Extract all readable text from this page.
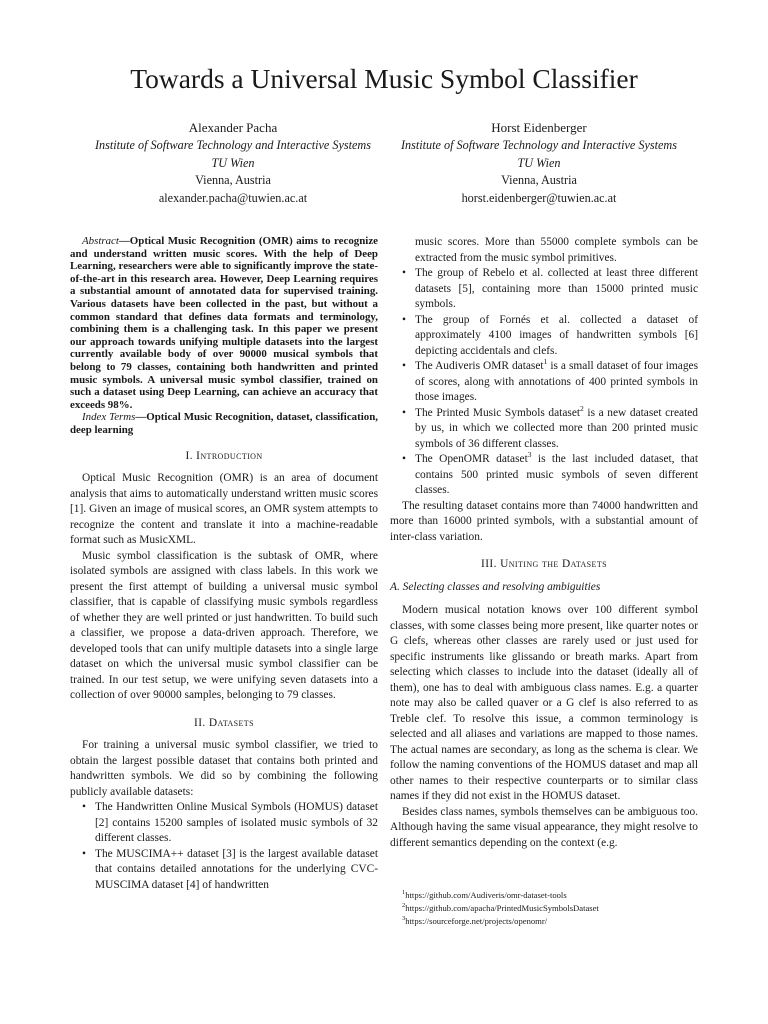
Towards a Universal Music Symbol Classifier
Alexander Pacha
Institute of Software Technology and Interactive Systems
TU Wien
Vienna, Austria
alexander.pacha@tuwien.ac.at
Horst Eidenberger
Institute of Software Technology and Interactive Systems
TU Wien
Vienna, Austria
horst.eidenberger@tuwien.ac.at

Abstract—Optical Music Recognition (OMR) aims to recognize and understand written music scores. With the help of Deep Learning, researchers were able to significantly improve the state-of-the-art in this research area. However, Deep Learning requires a substantial amount of annotated data for supervised training. Various datasets have been collected in the past, but without a common standard that defines data formats and terminology, combining them is a challenging task. In this paper we present our approach towards unifying multiple datasets into the largest currently available body of over 90000 musical symbols that belong to 79 classes, containing both handwritten and printed music symbols. A universal music symbol classifier, trained on such a dataset using Deep Learning, can achieve an accuracy that exceeds 98%.

Index Terms—Optical Music Recognition, dataset, classification, deep learning

I. Introduction

Optical Music Recognition (OMR) is an area of document analysis that aims to automatically understand written music scores [1]. Given an image of musical scores, an OMR system attempts to recognize the content and translate it into a machine-readable format such as MusicXML.

Music symbol classification is the subtask of OMR, where isolated symbols are assigned with class labels. In this work we present the first attempt of building a universal music symbol classifier, that is capable of classifying music symbols regardless of whether they are well printed or just handwritten. To build such a classifier, we propose a data-driven approach. Therefore, we developed tools that can unify multiple datasets into a single large dataset on which the universal music symbol classifier can be trained. In our test setup, we were unifying seven datasets into a collection of over 90000 samples, belonging to 79 classes.

II. Datasets

For training a universal music symbol classifier, we tried to obtain the largest possible dataset that contains both printed and handwritten symbols. We did so by combining the following publicly available datasets:

• The Handwritten Online Musical Symbols (HOMUS) dataset [2] contains 15200 samples of isolated music symbols of 32 different classes.
• The MUSCIMA++ dataset [3] is the largest available dataset that contains detailed annotations for the underlying CVC-MUSCIMA dataset [4] of handwritten
music scores. More than 55000 complete symbols can be extracted from the music symbol primitives.
• The group of Rebelo et al. collected at least three different datasets [5], containing more than 15000 printed music symbols.
• The group of Fornés et al. collected a dataset of approximately 4100 images of handwritten symbols [6] depicting accidentals and clefs.
• The Audiveris OMR dataset$^1$ is a small dataset of four images of scores, along with annotations of 400 printed symbols in those images.
• The Printed Music Symbols dataset$^2$ is a new dataset created by us, in which we collected more than 200 printed music symbols of 36 different classes.
• The OpenOMR dataset$^3$ is the last included dataset, that contains 500 printed music symbols of seven different classes.

The resulting dataset contains more than 74000 handwritten and more than 16000 printed symbols, with a substantial amount of inter-class variation.

III. Uniting the Datasets
A. Selecting classes and resolving ambiguities

Modern musical notation knows over 100 different symbol classes, with some classes being more present, like quarter notes or G clefs, whereas other classes are rarely used or just used for specific instruments like glissando or breath marks. Apart from selecting which classes to include into the dataset (ideally all of them), one has to deal with ambiguous class names. E.g. a quarter note may also be called quaver or a G clef is also referred to as Treble clef. To resolve this issue, a common terminology is selected and all aliases and variations are mapped to those names. The actual names are secondary, as long as the schema is clear. We follow the naming conventions of the HOMUS dataset and map all other names to their respective counterparts or to similar class names if they did not exist in the HOMUS dataset.

Besides class names, symbols themselves can be ambiguous too. Although having the same visual appearance, they might resolve to different semantics depending on the context (e.g.

$^1$https://github.com/Audiveris/omr-dataset-tools
$^2$https://github.com/apacha/PrintedMusicSymbolsDataset
$^3$https://sourceforge.net/projects/openomr/
